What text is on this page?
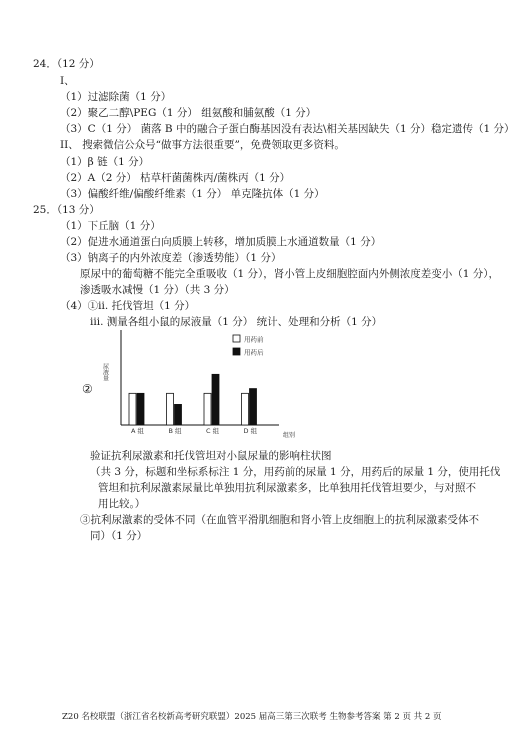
24．（12 分）
I、
（1）过滤除菌（1 分）
（2）聚乙二醇\PEG（1 分） 组氨酸和脯氨酸（1 分）
（3）C（1 分） 菌落 B 中的融合子蛋白酶基因没有表达\相关基因缺失（1 分）稳定遗传（1 分）
II、 搜索微信公众号“做事方法很重要”，免费领取更多资料。
（1）β 链（1 分）
（2）A（2 分） 枯草杆菌菌株丙/菌株丙（1 分）
（3）偏酸纤维/偏酸纤维素（1 分） 单克隆抗体（1 分）
25．（13 分）
（1）下丘脑（1 分）
（2）促进水通道蛋白向质膜上转移，增加质膜上水通道数量（1 分）
（3）钠离子的内外浓度差（渗透势能）（1 分）
原尿中的葡萄糖不能完全重吸收（1 分），肾小管上皮细胞腔面内外侧浓度差变小（1 分），
渗透吸水减慢（1 分）（共 3 分）
（4）①ii. 托伐管坦（1 分）
iii. 测量各组小鼠的尿液量（1 分） 统计、处理和分析（1 分）
②
尿液量
组别
A 组	B 组	C 组	D 组
用药前
用药后
验证抗利尿激素和托伐管坦对小鼠尿量的影响柱状图
（共 3 分，标题和坐标系标注 1 分，用药前的尿量 1 分，用药后的尿量 1 分，使用托伐
管坦和抗利尿激素尿量比单独用抗利尿激素多，比单独用托伐管坦要少，与对照不
用比较。）
③抗利尿激素的受体不同（在血管平滑肌细胞和肾小管上皮细胞上的抗利尿激素受体不
同）（1 分）
Z20 名校联盟（浙江省名校新高考研究联盟）2025 届高三第三次联考 生物参考答案 第 2 页 共 2 页
